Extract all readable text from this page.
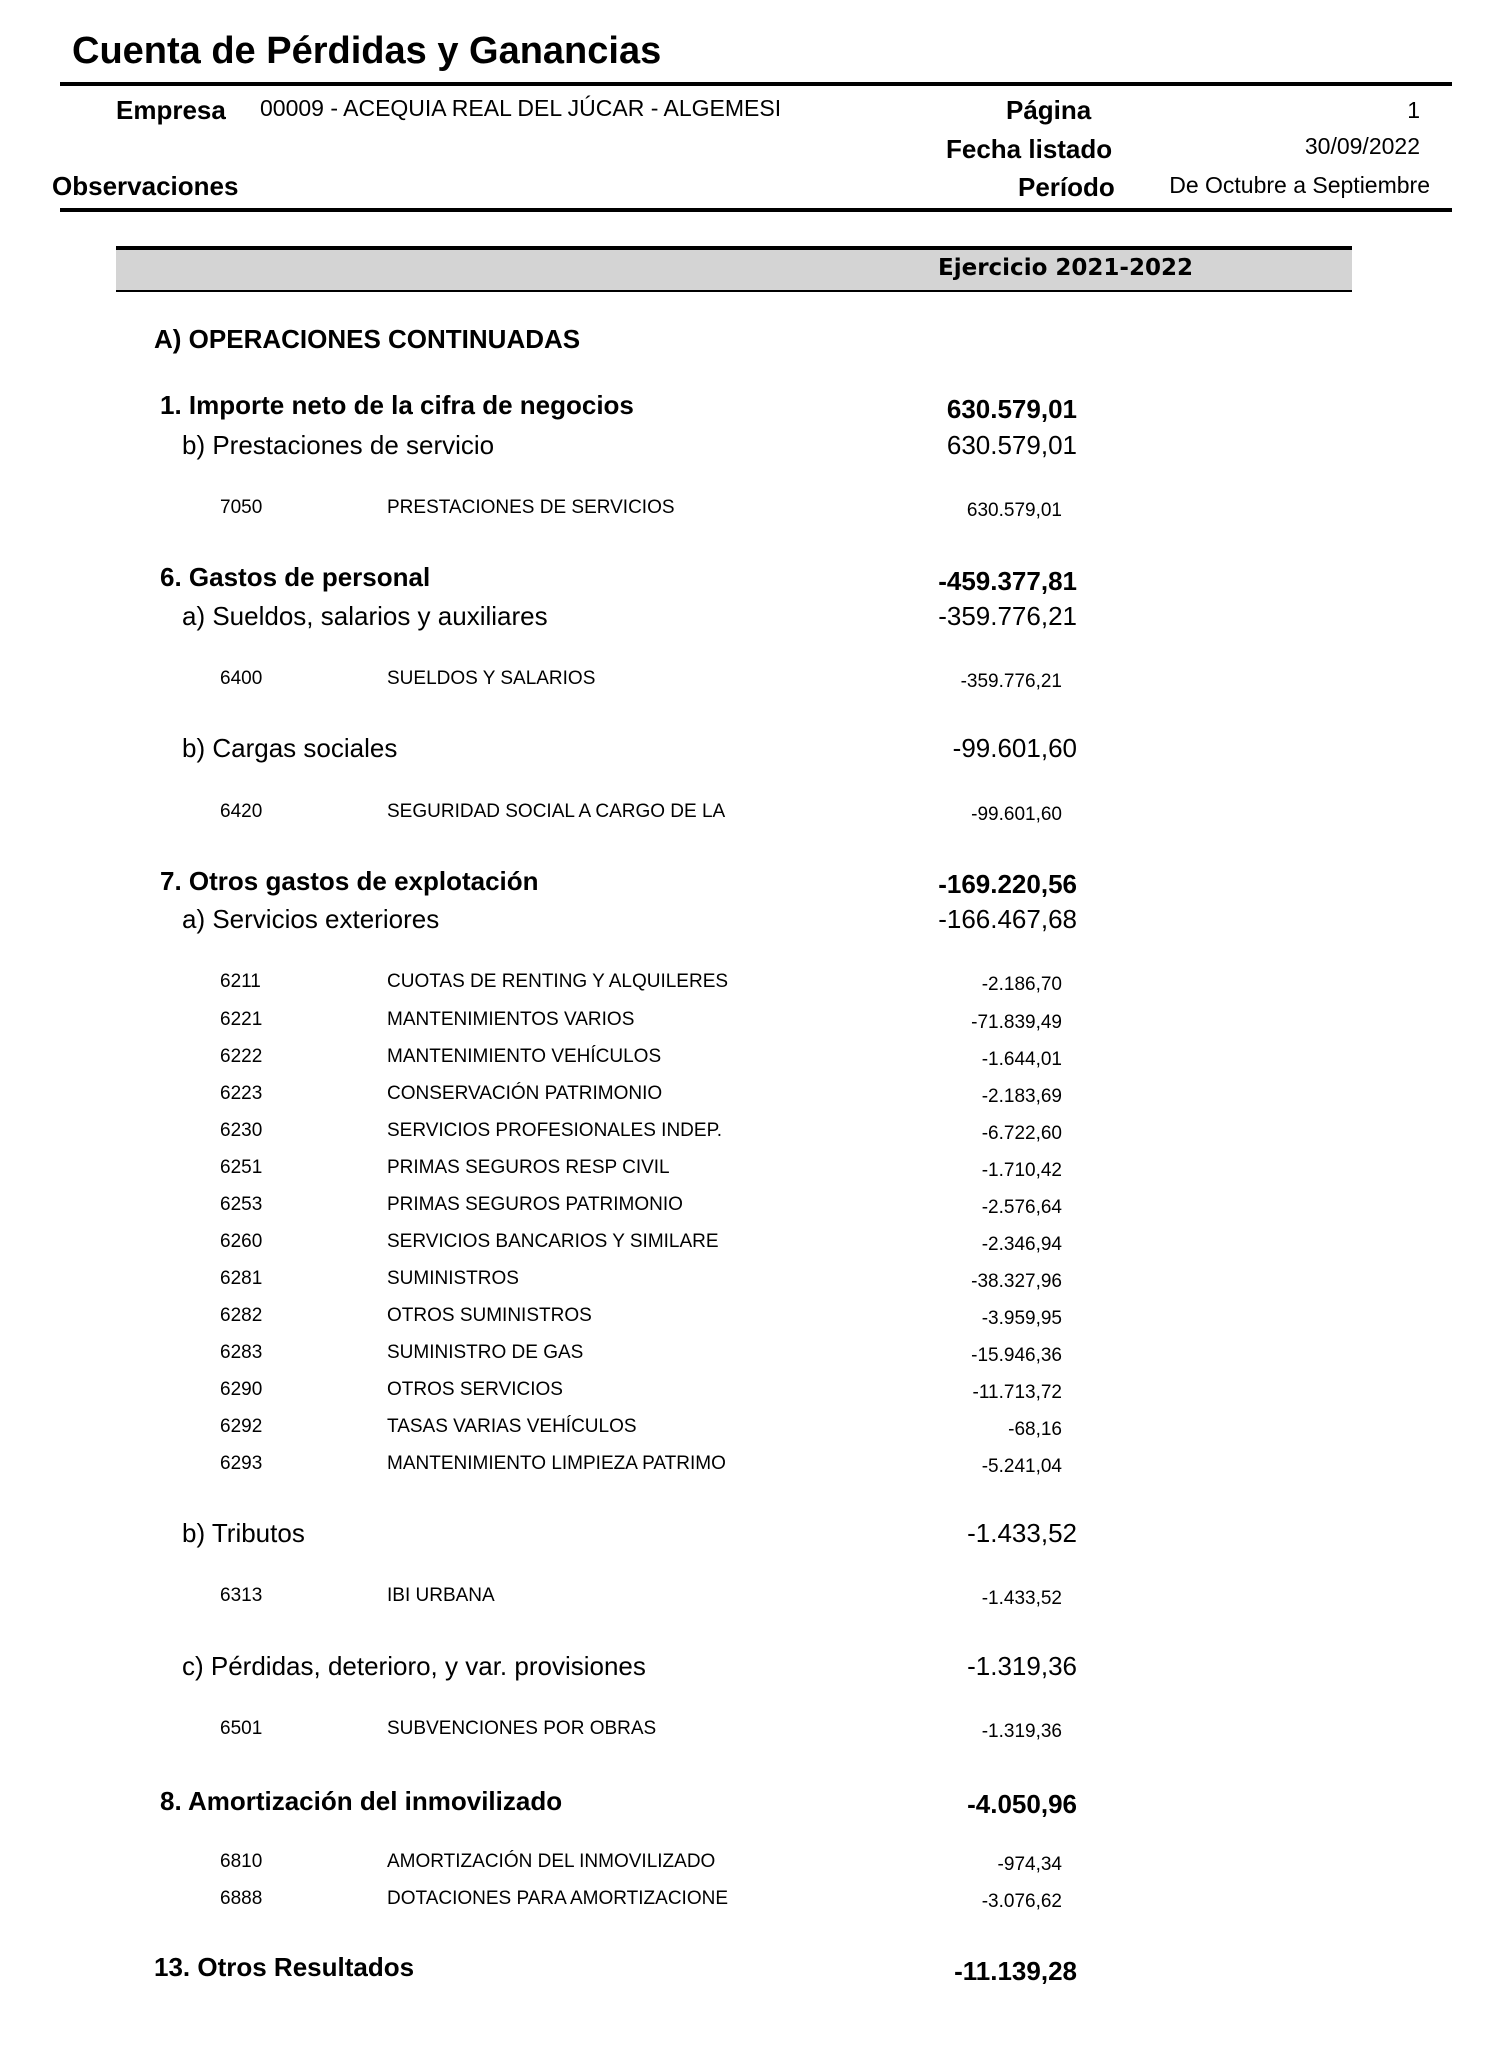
Cuenta de Pérdidas y Ganancias
Empresa 00009 - ACEQUIA REAL DEL JÚCAR - ALGEMESI	Página	1
Fecha listado	30/09/2022
Observaciones	Período	De Octubre a Septiembre
Ejercicio 2021-2022
A) OPERACIONES CONTINUADAS
1. Importe neto de la cifra de negocios	630.579,01
b) Prestaciones de servicio	630.579,01
7050	PRESTACIONES DE SERVICIOS	630.579,01
6. Gastos de personal	-459.377,81
a) Sueldos, salarios y auxiliares	-359.776,21
6400	SUELDOS Y SALARIOS	-359.776,21
b) Cargas sociales	-99.601,60
6420	SEGURIDAD SOCIAL A CARGO DE LA	-99.601,60
7. Otros gastos de explotación	-169.220,56
a) Servicios exteriores	-166.467,68
6211	CUOTAS DE RENTING Y ALQUILERES	-2.186,70
6221	MANTENIMIENTOS VARIOS	-71.839,49
6222	MANTENIMIENTO VEHÍCULOS	-1.644,01
6223	CONSERVACIÓN PATRIMONIO	-2.183,69
6230	SERVICIOS PROFESIONALES INDEP.	-6.722,60
6251	PRIMAS SEGUROS RESP CIVIL	-1.710,42
6253	PRIMAS SEGUROS PATRIMONIO	-2.576,64
6260	SERVICIOS BANCARIOS Y SIMILARE	-2.346,94
6281	SUMINISTROS	-38.327,96
6282	OTROS SUMINISTROS	-3.959,95
6283	SUMINISTRO DE GAS	-15.946,36
6290	OTROS SERVICIOS	-11.713,72
6292	TASAS VARIAS VEHÍCULOS	-68,16
6293	MANTENIMIENTO LIMPIEZA PATRIMO	-5.241,04
b) Tributos	-1.433,52
6313	IBI URBANA	-1.433,52
c) Pérdidas, deterioro, y var. provisiones	-1.319,36
6501	SUBVENCIONES POR OBRAS	-1.319,36
8. Amortización del inmovilizado	-4.050,96
6810	AMORTIZACIÓN DEL INMOVILIZADO	-974,34
6888	DOTACIONES PARA AMORTIZACIONE	-3.076,62
13. Otros Resultados	-11.139,28
